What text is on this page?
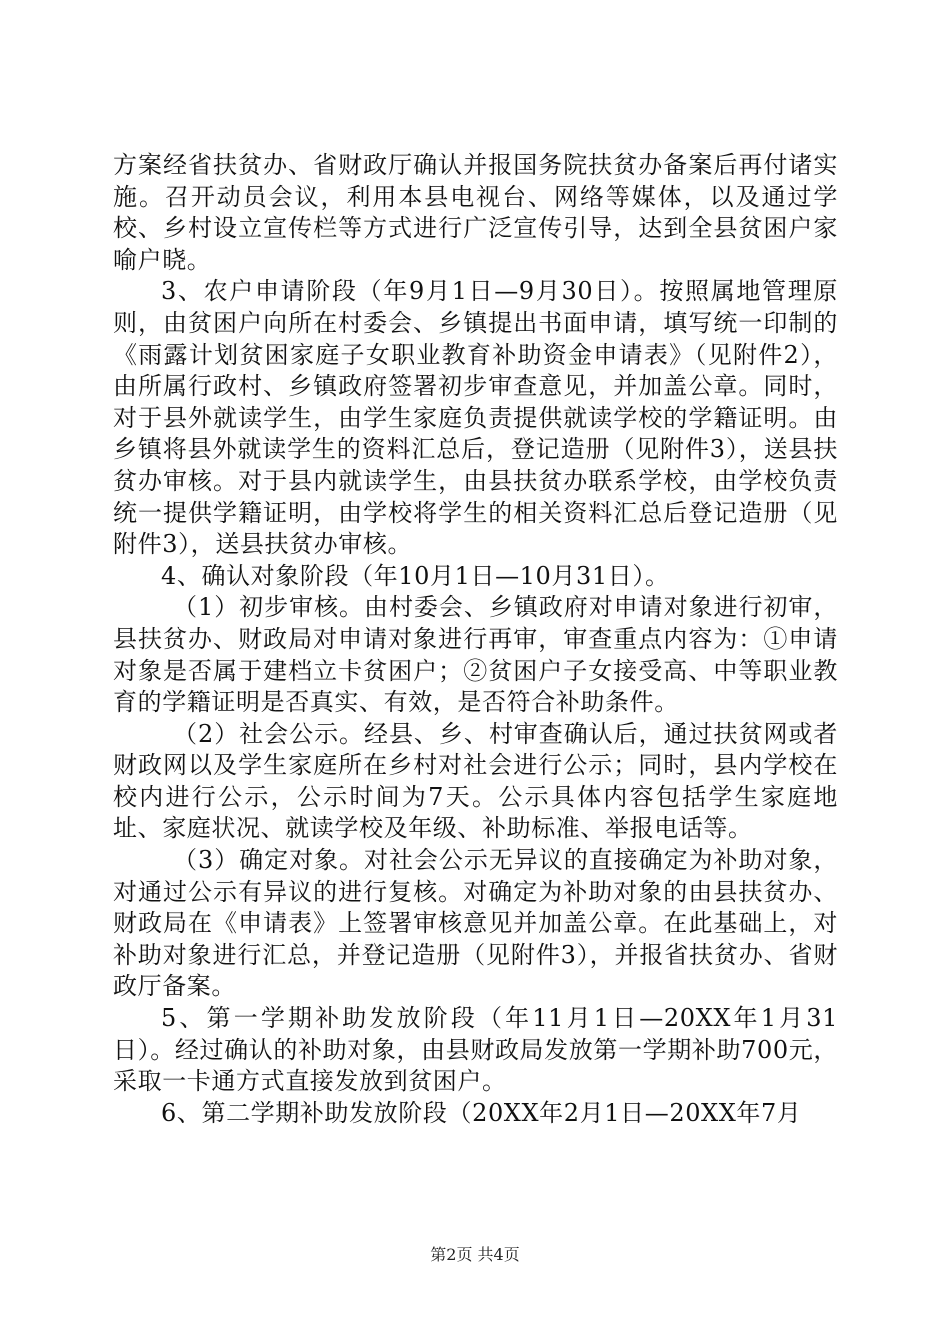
方案经省扶贫办、省财政厅确认并报国务院扶贫办备案后再付诸实施。召开动员会议，利用本县电视台、网络等媒体，以及通过学校、乡村设立宣传栏等方式进行广泛宣传引导，达到全县贫困户家喻户晓。

3、农户申请阶段（年9月1日—9月30日）。按照属地管理原则，由贫困户向所在村委会、乡镇提出书面申请，填写统一印制的《雨露计划贫困家庭子女职业教育补助资金申请表》（见附件2），由所属行政村、乡镇政府签署初步审查意见，并加盖公章。同时，对于县外就读学生，由学生家庭负责提供就读学校的学籍证明。由乡镇将县外就读学生的资料汇总后，登记造册（见附件3），送县扶贫办审核。对于县内就读学生，由县扶贫办联系学校，由学校负责统一提供学籍证明，由学校将学生的相关资料汇总后登记造册（见附件3），送县扶贫办审核。

4、确认对象阶段（年10月1日—10月31日）。

（1）初步审核。由村委会、乡镇政府对申请对象进行初审，县扶贫办、财政局对申请对象进行再审，审查重点内容为：①申请对象是否属于建档立卡贫困户；②贫困户子女接受高、中等职业教育的学籍证明是否真实、有效，是否符合补助条件。

（2）社会公示。经县、乡、村审查确认后，通过扶贫网或者财政网以及学生家庭所在乡村对社会进行公示；同时，县内学校在校内进行公示，公示时间为7天。公示具体内容包括学生家庭地址、家庭状况、就读学校及年级、补助标准、举报电话等。

（3）确定对象。对社会公示无异议的直接确定为补助对象，对通过公示有异议的进行复核。对确定为补助对象的由县扶贫办、财政局在《申请表》上签署审核意见并加盖公章。在此基础上，对补助对象进行汇总，并登记造册（见附件3），并报省扶贫办、省财政厅备案。

5、第一学期补助发放阶段（年11月1日—20XX年1月31日）。经过确认的补助对象，由县财政局发放第一学期补助700元，采取一卡通方式直接发放到贫困户。

6、第二学期补助发放阶段（20XX年2月1日—20XX年7月

第2页 共4页
